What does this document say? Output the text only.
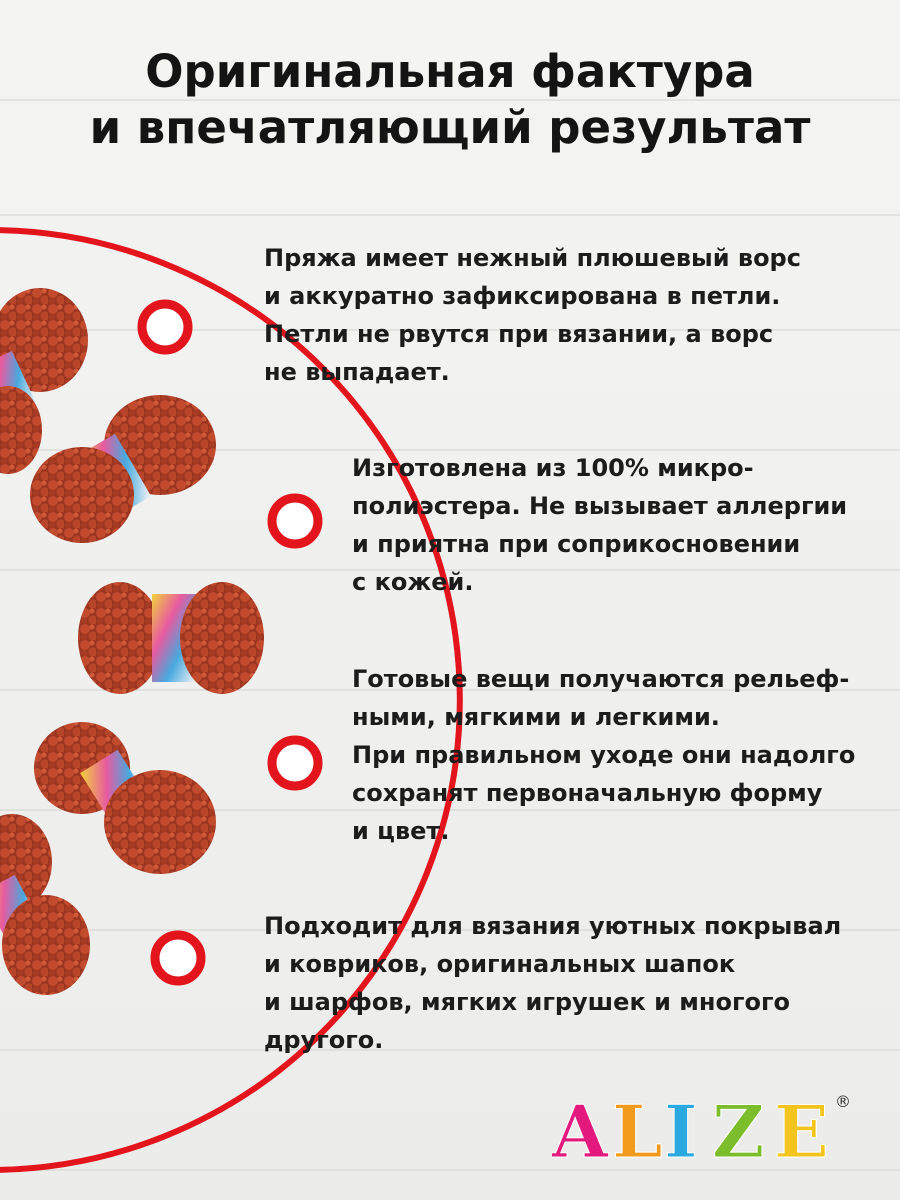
Оригинальная фактура
и впечатляющий результат
Пряжа имеет нежный плюшевый ворс
и аккуратно зафиксирована в петли.
Петли не рвутся при вязании, а ворс
не выпадает.
Изготовлена из 100% микро-
полиэстера. Не вызывает аллергии
и приятна при соприкосновении
с кожей.
Готовые вещи получаются рельеф-
ными, мягкими и легкими.
При правильном уходе они надолго
сохранят первоначальную форму
и цвет.
Подходит для вязания уютных покрывал
и ковриков, оригинальных шапок
и шарфов, мягких игрушек и многого
другого.
A L I Z E ®
